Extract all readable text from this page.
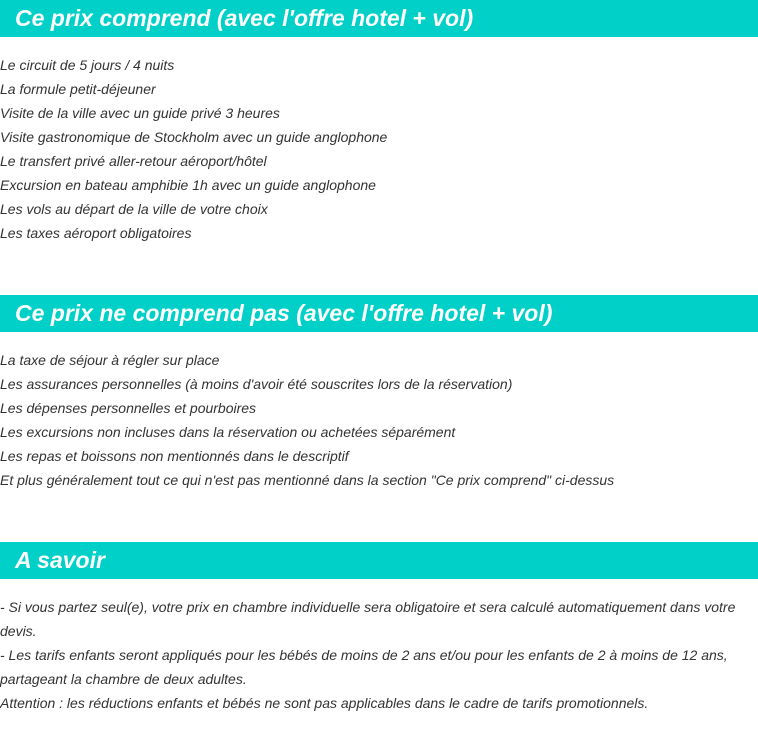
Ce prix comprend (avec l'offre hotel + vol)
Le circuit de 5 jours / 4 nuits
La formule petit-déjeuner
Visite de la ville avec un guide privé 3 heures
Visite gastronomique de Stockholm avec un guide anglophone
Le transfert privé aller-retour aéroport/hôtel
Excursion en bateau amphibie 1h avec un guide anglophone
Les vols au départ de la ville de votre choix
Les taxes aéroport obligatoires
Ce prix ne comprend pas (avec l'offre hotel + vol)
La taxe de séjour à régler sur place
Les assurances personnelles (à moins d'avoir été souscrites lors de la réservation)
Les dépenses personnelles et pourboires
Les excursions non incluses dans la réservation ou achetées séparément
Les repas et boissons non mentionnés dans le descriptif
Et plus généralement tout ce qui n'est pas mentionné dans la section "Ce prix comprend" ci-dessus
A savoir

- Si vous partez seul(e), votre prix en chambre individuelle sera obligatoire et sera calculé automatiquement dans votre devis.

- Les tarifs enfants seront appliqués pour les bébés de moins de 2 ans et/ou pour les enfants de 2 à moins de 12 ans, partageant la chambre de deux adultes.

Attention : les réductions enfants et bébés ne sont pas applicables dans le cadre de tarifs promotionnels.
